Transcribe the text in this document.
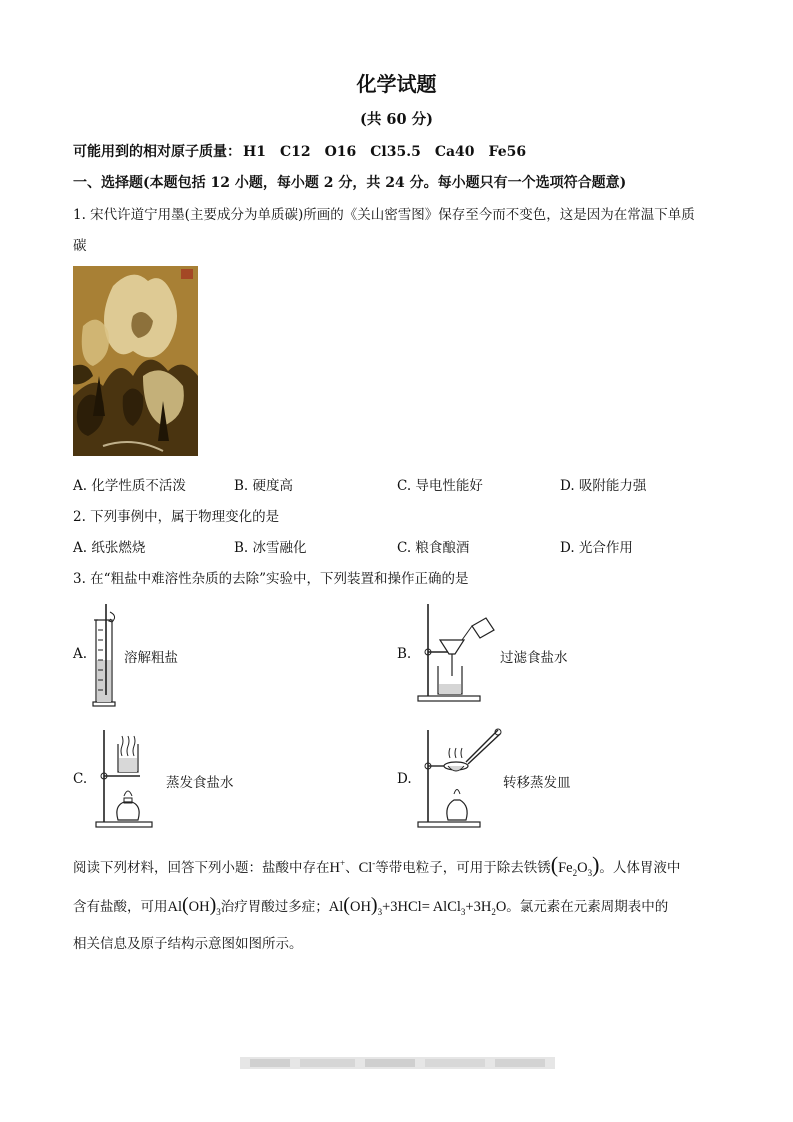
化学试题
(共 60 分)
可能用到的相对原子质量： H1 C12 O16 Cl35.5 Ca40 Fe56
一、选择题(本题包括 12 小题，每小题 2 分，共 24 分。每小题只有一个选项符合题意)
1. 宋代许道宁用墨(主要成分为单质碳)所画的《关山密雪图》保存至今而不变色，这是因为在常温下单质
碳
A. 化学性质不活泼	B. 硬度高	C. 导电性能好	D. 吸附能力强
2. 下列事例中，属于物理变化的是
A. 纸张燃烧	B. 冰雪融化	C. 粮食酿酒	D. 光合作用
3. 在“粗盐中难溶性杂质的去除”实验中，下列装置和操作正确的是
A.	溶解粗盐	B.	过滤食盐水
C.	蒸发食盐水	D.	转移蒸发皿
阅读下列材料，回答下列小题：盐酸中存在H+、Cl-等带电粒子，可用于除去铁锈$(Fe_2O_3)$。人体胃液中
含有盐酸，可用$Al(OH)_3$治疗胃酸过多症；$Al(OH)_3+3HCl=$ $AlCl_3+3H_2O$。氯元素在元素周期表中的
相关信息及原子结构示意图如图所示。
